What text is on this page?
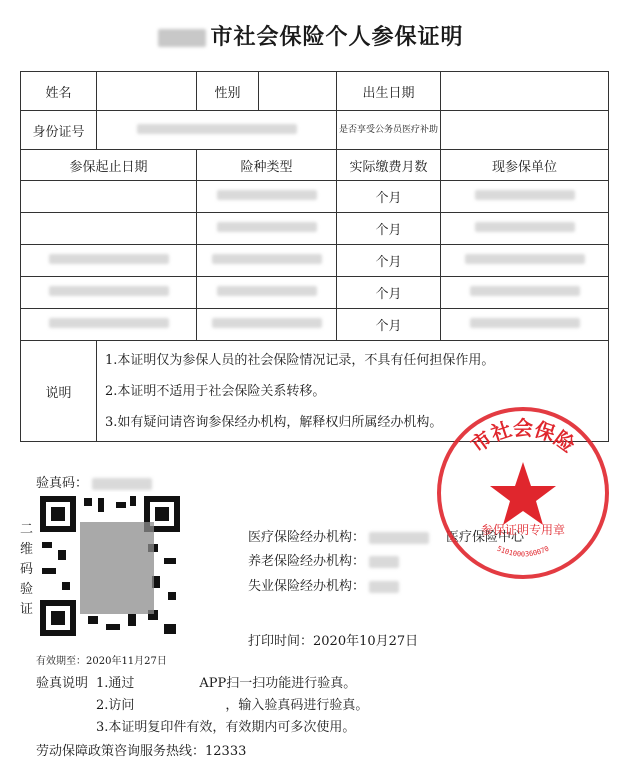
市社会保险个人参保证明
姓名		性别		出生日期	
身份证号				是否享受公务员医疗补助	
参保起止日期		险种类型		实际缴费月数	现参保单位
				个月	
				个月	
				个月	
				个月	
				个月	
说明	1.本证明仅为参保人员的社会保险情况记录，不具有任何担保作用。
2.本证明不适用于社会保险关系转移。
3.如有疑问请咨询参保经办机构，解释权归所属经办机构。				
验真码：
二维码验证
医疗保险经办机构：	医疗保险中心
养老保险经办机构：
失业保险经办机构：
打印时间：2020年10月27日
有效期至：2020年11月27日
验真说明 1.通过　　　　　APP扫一扫功能进行验真。
2.访问　　　　　　　，输入验真码进行验真。
3.本证明复印件有效，有效期内可多次使用。
劳动保障政策咨询服务热线：12333
市社会保险
参保证明专用章
5101000360070
